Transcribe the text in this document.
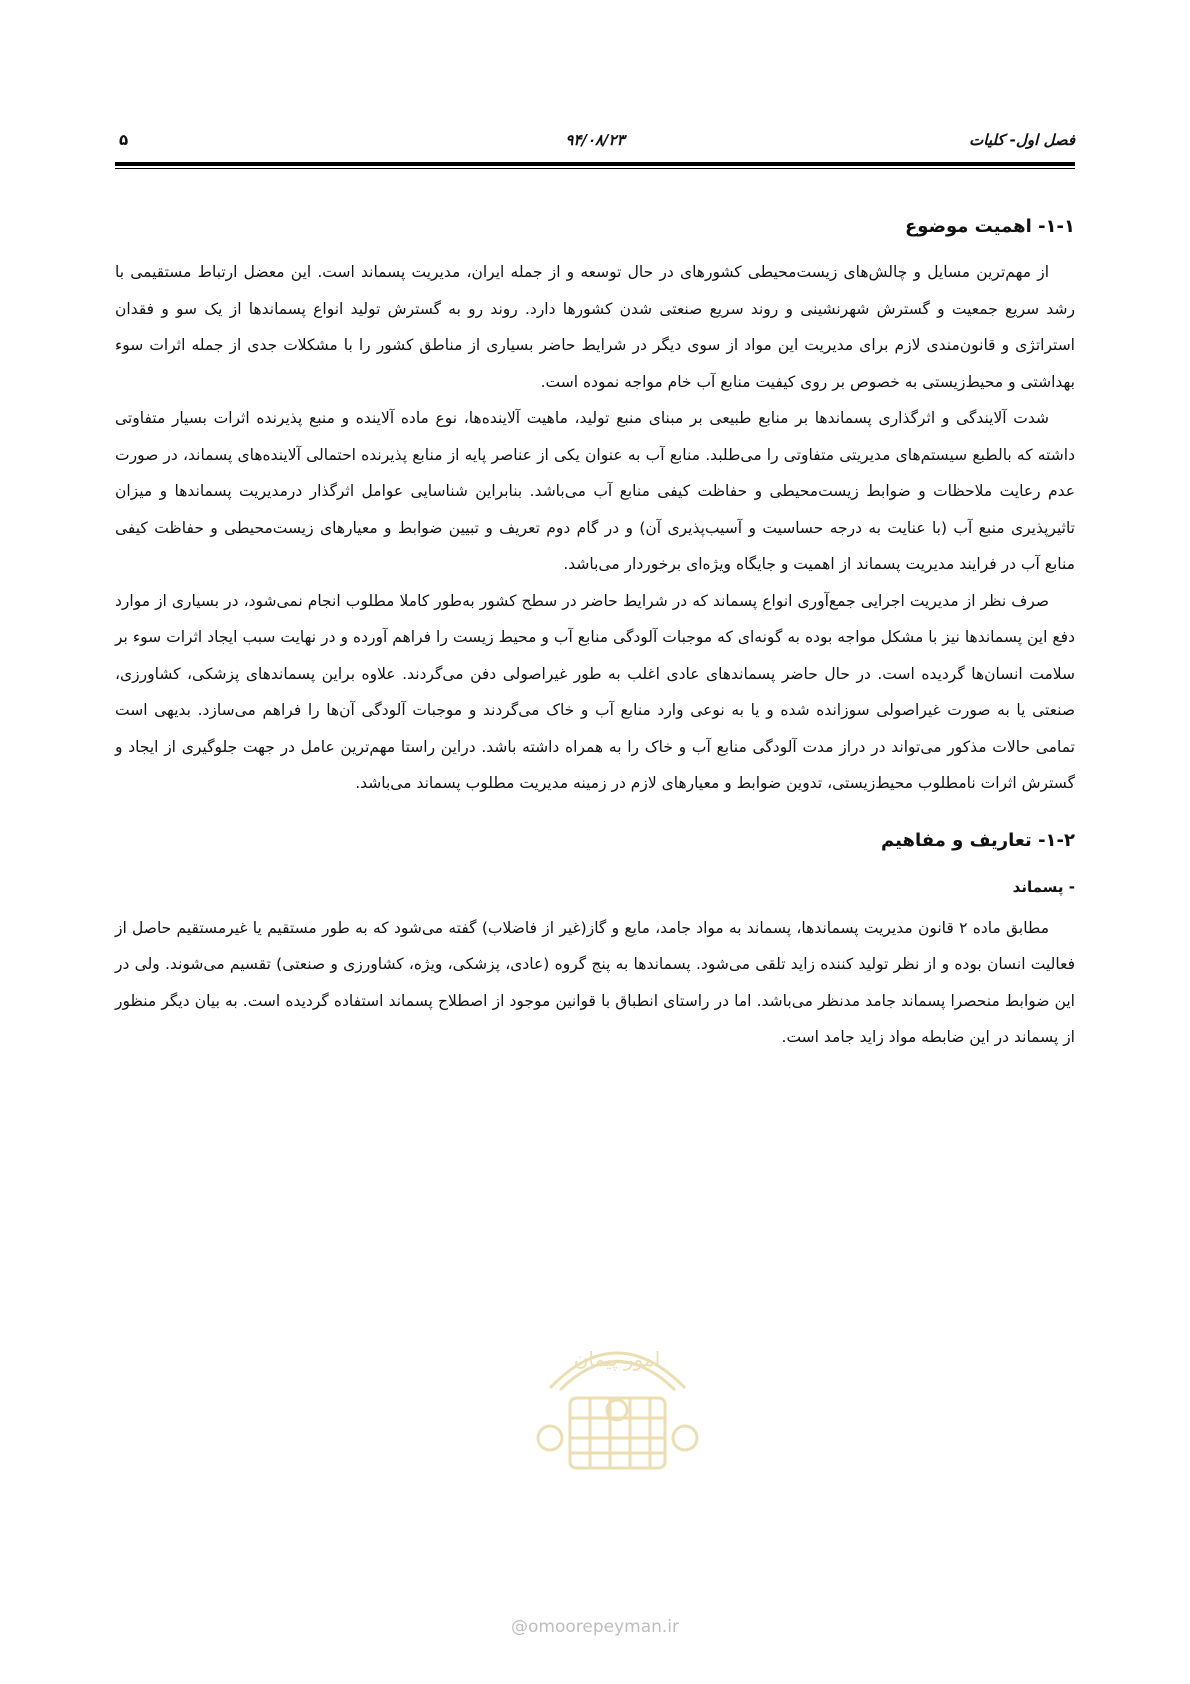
فصل اول- کلیات
۹۴/۰۸/۲۳
۵
۱-۱- اهمیت موضوع

از مهم‌ترین مسایل و چالش‌های زیست‌محیطی کشورهای در حال توسعه و از جمله ایران، مدیریت پسماند است. این معضل ارتباط مستقیمی با رشد سریع جمعیت و گسترش شهرنشینی و روند سریع صنعتی شدن کشورها دارد. روند رو به گسترش تولید انواع پسماندها از یک سو و فقدان استراتژی و قانون‌مندی لازم برای مدیریت این مواد از سوی دیگر در شرایط حاضر بسیاری از مناطق کشور را با مشکلات جدی از جمله اثرات سوء بهداشتی و محیط‌زیستی به خصوص بر روی کیفیت منابع آب خام مواجه نموده است.

شدت آلایندگی و اثرگذاری پسماندها بر منابع طبیعی بر مبنای منبع تولید، ماهیت آلاینده‌ها، نوع ماده آلاینده و منبع پذیرنده اثرات بسیار متفاوتی داشته که بالطبع سیستم‌های مدیریتی متفاوتی را می‌طلبد. منابع آب به عنوان یکی از عناصر پایه از منابع پذیرنده احتمالی آلاینده‌های پسماند، در صورت عدم رعایت ملاحظات و ضوابط زیست‌محیطی و حفاظت کیفی منابع آب می‌باشد. بنابراین شناسایی عوامل اثرگذار درمدیریت پسماندها و میزان تاثیرپذیری منبع آب (با عنایت به درجه حساسیت و آسیب‌پذیری آن) و در گام دوم تعریف و تبیین ضوابط و معیارهای زیست‌محیطی و حفاظت کیفی منابع آب در فرایند مدیریت پسماند از اهمیت و جایگاه ویژه‌ای برخوردار می‌باشد.

صرف نظر از مدیریت اجرایی جمع‌آوری انواع پسماند که در شرایط حاضر در سطح کشور به‌طور کاملا مطلوب انجام نمی‌شود، در بسیاری از موارد دفع این پسماندها نیز با مشکل مواجه بوده به گونه‌ای که موجبات آلودگی منابع آب و محیط زیست را فراهم آورده و در نهایت سبب ایجاد اثرات سوء بر سلامت انسان‌ها گردیده است. در حال حاضر پسماندهای عادی اغلب به طور غیراصولی دفن می‌گردند. علاوه براین پسماندهای پزشکی، کشاورزی، صنعتی یا به صورت غیراصولی سوزانده شده و یا به نوعی وارد منابع آب و خاک می‌گردند و موجبات آلودگی آن‌ها را فراهم می‌سازد. بدیهی است تمامی حالات مذکور می‌تواند در دراز مدت آلودگی منابع آب و خاک را به همراه داشته باشد. دراین راستا مهم‌ترین عامل در جهت جلوگیری از ایجاد و گسترش اثرات نامطلوب محیط‌زیستی، تدوین ضوابط و معیارهای لازم در زمینه مدیریت مطلوب پسماند می‌باشد.

۱-۲- تعاریف و مفاهیم
- پسماند

مطابق ماده ۲ قانون مدیریت پسماندها، پسماند به مواد جامد، مایع و گاز(غیر از فاضلاب) گفته می‌شود که به طور مستقیم یا غیرمستقیم حاصل از فعالیت انسان بوده و از نظر تولید کننده زاید تلقی می‌شود. پسماندها به پنج گروه (عادی، پزشکی، ویژه، کشاورزی و صنعتی) تقسیم می‌شوند. ولی در این ضوابط منحصرا پسماند جامد مدنظر می‌باشد. اما در راستای انطباق با قوانین موجود از اصطلاح پسماند استفاده گردیده است. به بیان دیگر منظور از پسماند در این ضابطه مواد زاید جامد است.

امور پیمان
@omoorepeyman.ir
